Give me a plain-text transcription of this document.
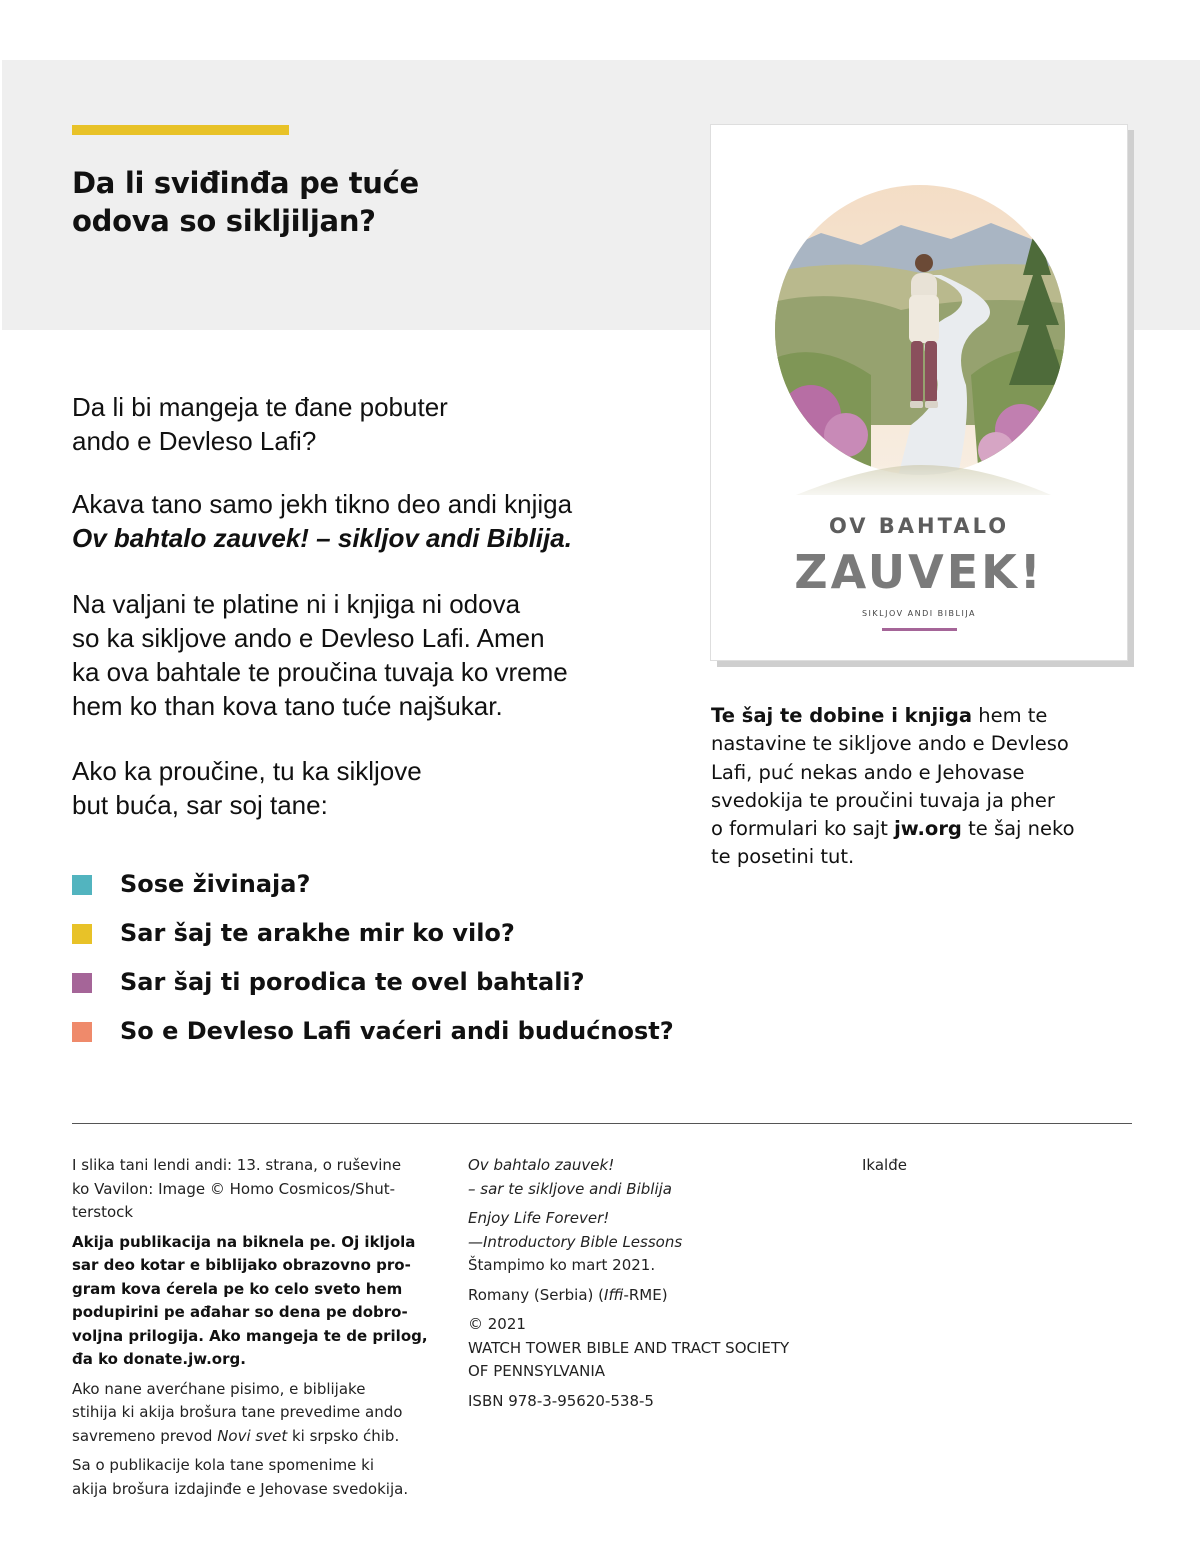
Da li sviđinđa pe tuće
odova so sikljiljan?
Da li bi mangeja te đane pobuter
ando e Devleso Lafi?
Akava tano samo jekh tikno deo andi knjiga
Ov bahtalo zauvek! – sikljov andi Biblija.
Na valjani te platine ni i knjiga ni odova
so ka sikljove ando e Devleso Lafi. Amen
ka ova bahtale te proučina tuvaja ko vreme
hem ko than kova tano tuće najšukar.
Ako ka proučine, tu ka sikljove
but buća, sar soj tane:
Sose živinaja?
Sar šaj te arakhe mir ko vilo?
Sar šaj ti porodica te ovel bahtali?
So e Devleso Lafi vaćeri andi budućnost?
OV BAHTALO
ZAUVEK!
SIKLJOV ANDI BIBLIJA
Te šaj te dobine i knjiga hem te
nastavine te sikljove ando e Devleso
Lafi, puć nekas ando e Jehovase
svedokija te proučini tuvaja ja pher
o formulari ko sajt jw.org te šaj neko
te posetini tut.
I slika tani lendi andi: 13. strana, o ruševine
ko Vavilon: Image © Homo Cosmicos/Shut-
terstock
Akija publikacija na biknela pe. Oj ikljola
sar deo kotar e biblijako obrazovno pro-
gram kova ćerela pe ko celo sveto hem
podupirini pe ađahar so dena pe dobro-
voljna prilogija. Ako mangeja te de prilog,
đa ko donate.jw.org.
Ako nane averćhane pisimo, e biblijake
stihija ki akija brošura tane prevedime ando
savremeno prevod Novi svet ki srpsko ćhib.
Sa o publikacije kola tane spomenime ki
akija brošura izdajinđe e Jehovase svedokija.
Ov bahtalo zauvek!
– sar te sikljove andi Biblija
Enjoy Life Forever!
—Introductory Bible Lessons
Štampimo ko mart 2021.
Romany (Serbia) (Iffi-RME)
© 2021
WATCH TOWER BIBLE AND TRACT SOCIETY
OF PENNSYLVANIA
ISBN 978-3-95620-538-5
Ikalđe
